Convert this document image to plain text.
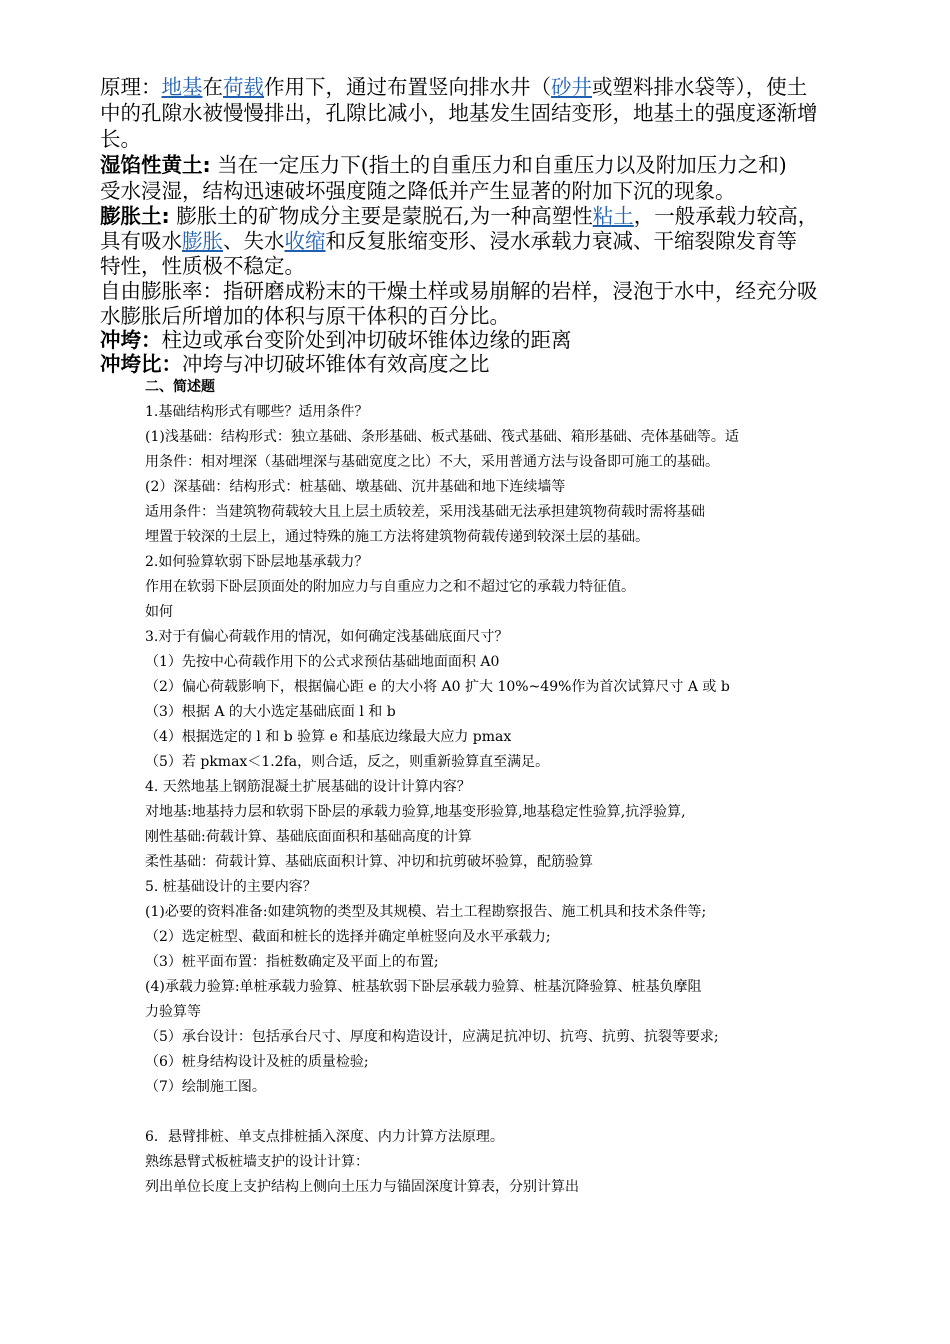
原理：地基在荷载作用下，通过布置竖向排水井（砂井或塑料排水袋等），使土
中的孔隙水被慢慢排出，孔隙比减小，地基发生固结变形，地基土的强度逐渐增
长。
湿馅性黄土: 当在一定压力下(指土的自重压力和自重压力以及附加压力之和)
受水浸湿，结构迅速破坏强度随之降低并产生显著的附加下沉的现象。
膨胀土: 膨胀土的矿物成分主要是蒙脱石,为一种高塑性粘土，一般承载力较高，
具有吸水膨胀、失水收缩和反复胀缩变形、浸水承载力衰减、干缩裂隙发育等
特性，性质极不稳定。
自由膨胀率：指研磨成粉末的干燥土样或易崩解的岩样，浸泡于水中，经充分吸
水膨胀后所增加的体积与原干体积的百分比。
冲垮：柱边或承台变阶处到冲切破坏锥体边缘的距离
冲垮比：冲垮与冲切破坏锥体有效高度之比
二、简述题
1.基础结构形式有哪些？适用条件？
(1)浅基础：结构形式：独立基础、条形基础、板式基础、筏式基础、箱形基础、壳体基础等。适
用条件：相对埋深（基础埋深与基础宽度之比）不大，采用普通方法与设备即可施工的基础。
(2）深基础：结构形式：桩基础、墩基础、沉井基础和地下连续墙等
适用条件：当建筑物荷载较大且上层土质较差，采用浅基础无法承担建筑物荷载时需将基础
埋置于较深的土层上，通过特殊的施工方法将建筑物荷载传递到较深土层的基础。
2.如何验算软弱下卧层地基承载力？
作用在软弱下卧层顶面处的附加应力与自重应力之和不超过它的承载力特征值。
如何
3.对于有偏心荷载作用的情况，如何确定浅基础底面尺寸？
（1）先按中心荷载作用下的公式求预估基础地面面积 A0
（2）偏心荷载影响下，根据偏心距 e 的大小将 A0 扩大 10%~49%作为首次试算尺寸 A 或 b
（3）根据 A 的大小选定基础底面 l 和 b
（4）根据选定的 l 和 b 验算 e 和基底边缘最大应力 pmax
（5）若 pkmax＜1.2fa，则合适，反之，则重新验算直至满足。
4. 天然地基上钢筋混凝土扩展基础的设计计算内容？
对地基:地基持力层和软弱下卧层的承载力验算,地基变形验算,地基稳定性验算,抗浮验算,
刚性基础:荷载计算、基础底面面积和基础高度的计算
柔性基础：荷载计算、基础底面积计算、冲切和抗剪破坏验算，配筋验算
5. 桩基础设计的主要内容？
(1)必要的资料准备:如建筑物的类型及其规模、岩土工程勘察报告、施工机具和技术条件等;
（2）选定桩型、截面和桩长的选择并确定单桩竖向及水平承载力;
（3）桩平面布置：指桩数确定及平面上的布置;
(4)承载力验算:单桩承载力验算、桩基软弱下卧层承载力验算、桩基沉降验算、桩基负摩阻
力验算等
（5）承台设计：包括承台尺寸、厚度和构造设计，应满足抗冲切、抗弯、抗剪、抗裂等要求;
（6）桩身结构设计及桩的质量检验;
（7）绘制施工图。
6．悬臂排桩、单支点排桩插入深度、内力计算方法原理。
熟练悬臂式板桩墙支护的设计计算：
列出单位长度上支护结构上侧向土压力与锚固深度计算表，分别计算出
